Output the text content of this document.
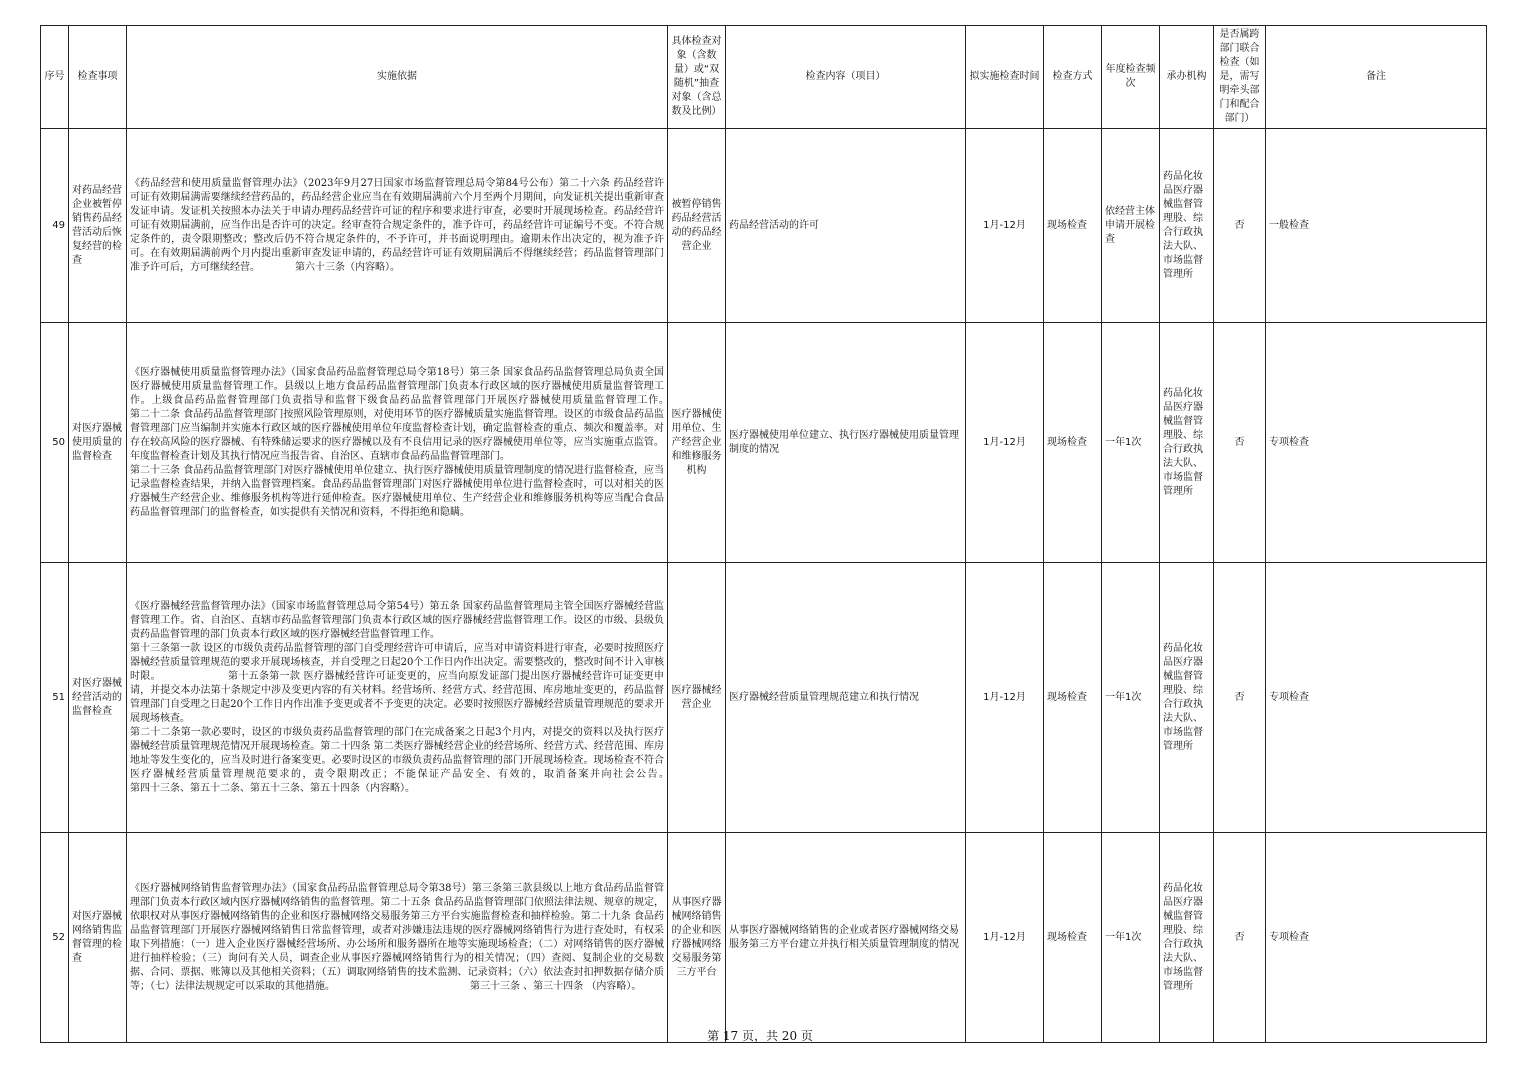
序号	检查事项	实施依据	具体检查对象（含数量）或“双随机”抽查对象（含总数及比例）	检查内容（项目）	拟实施检查时间	检查方式	年度检查频次	承办机构	是否属跨部门联合检查（如是，需写明牵头部门和配合部门）	备注
49	对药品经营企业被暂停销售药品经营活动后恢复经营的检查	《药品经营和使用质量监督管理办法》（2023年9月27日国家市场监督管理总局令第84号公布）第二十六条 药品经营许可证有效期届满需要继续经营药品的，药品经营企业应当在有效期届满前六个月至两个月期间，向发证机关提出重新审查发证申请。发证机关按照本办法关于申请办理药品经营许可证的程序和要求进行审查，必要时开展现场检查。药品经营许可证有效期届满前，应当作出是否许可的决定。经审查符合规定条件的，准予许可，药品经营许可证编号不变。不符合规定条件的，责令限期整改；整改后仍不符合规定条件的，不予许可，并书面说明理由。逾期未作出决定的，视为准予许可。在有效期届满前两个月内提出重新审查发证申请的，药品经营许可证有效期届满后不得继续经营；药品监督管理部门准予许可后，方可继续经营。　　　　第六十三条（内容略）。	被暂停销售药品经营活动的药品经营企业	药品经营活动的许可	1月-12月	现场检查	依经营主体申请开展检查	药品化妆品医疗器械监督管理股、综合行政执法大队、市场监督管理所	否	一般检查
50	对医疗器械使用质量的监督检查	《医疗器械使用质量监督管理办法》（国家食品药品监督管理总局令第18号）第三条 国家食品药品监督管理总局负责全国医疗器械使用质量监督管理工作。县级以上地方食品药品监督管理部门负责本行政区域的医疗器械使用质量监督管理工作。上级食品药品监督管理部门负责指导和监督下级食品药品监督管理部门开展医疗器械使用质量监督管理工作。　　　　　　　　　第二十二条 食品药品监督管理部门按照风险管理原则，对使用环节的医疗器械质量实施监督管理。设区的市级食品药品监督管理部门应当编制并实施本行政区域的医疗器械使用单位年度监督检查计划，确定监督检查的重点、频次和覆盖率。对存在较高风险的医疗器械、有特殊储运要求的医疗器械以及有不良信用记录的医疗器械使用单位等，应当实施重点监管。年度监督检查计划及其执行情况应当报告省、自治区、直辖市食品药品监督管理部门。
第二十三条 食品药品监督管理部门对医疗器械使用单位建立、执行医疗器械使用质量管理制度的情况进行监督检查，应当记录监督检查结果，并纳入监督管理档案。食品药品监督管理部门对医疗器械使用单位进行监督检查时，可以对相关的医疗器械生产经营企业、维修服务机构等进行延伸检查。医疗器械使用单位、生产经营企业和维修服务机构等应当配合食品药品监督管理部门的监督检查，如实提供有关情况和资料，不得拒绝和隐瞒。	医疗器械使用单位、生产经营企业和维修服务机构	医疗器械使用单位建立、执行医疗器械使用质量管理制度的情况	1月-12月	现场检查	一年1次	药品化妆品医疗器械监督管理股、综合行政执法大队、市场监督管理所	否	专项检查
51	对医疗器械经营活动的监督检查	《医疗器械经营监督管理办法》（国家市场监督管理总局令第54号）第五条 国家药品监督管理局主管全国医疗器械经营监督管理工作。省、自治区、直辖市药品监督管理部门负责本行政区域的医疗器械经营监督管理工作。设区的市级、县级负责药品监督管理的部门负责本行政区域的医疗器械经营监督管理工作。
第十三条第一款 设区的市级负责药品监督管理的部门自受理经营许可申请后，应当对申请资料进行审查，必要时按照医疗器械经营质量管理规范的要求开展现场核查，并自受理之日起20个工作日内作出决定。需要整改的，整改时间不计入审核时限。　　　　　　　第十五条第一款 医疗器械经营许可证变更的，应当向原发证部门提出医疗器械经营许可证变更申请，并提交本办法第十条规定中涉及变更内容的有关材料。经营场所、经营方式、经营范围、库房地址变更的，药品监督管理部门自受理之日起20个工作日内作出准予变更或者不予变更的决定。必要时按照医疗器械经营质量管理规范的要求开展现场核查。
第二十二条第一款必要时，设区的市级负责药品监督管理的部门在完成备案之日起3个月内，对提交的资料以及执行医疗器械经营质量管理规范情况开展现场检查。第二十四条 第二类医疗器械经营企业的经营场所、经营方式、经营范围、库房地址等发生变化的，应当及时进行备案变更。必要时设区的市级负责药品监督管理的部门开展现场检查。现场检查不符合医疗器械经营质量管理规范要求的，责令限期改正；不能保证产品安全、有效的，取消备案并向社会公告。　　　　　　　　　第四十三条、第五十二条、第五十三条、第五十四条（内容略）。	医疗器械经营企业	医疗器械经营质量管理规范建立和执行情况	1月-12月	现场检查	一年1次	药品化妆品医疗器械监督管理股、综合行政执法大队、市场监督管理所	否	专项检查
52	对医疗器械网络销售监督管理的检查	《医疗器械网络销售监督管理办法》（国家食品药品监督管理总局令第38号）第三条第三款县级以上地方食品药品监督管理部门负责本行政区域内医疗器械网络销售的监督管理。第二十五条 食品药品监督管理部门依照法律法规、规章的规定，依职权对从事医疗器械网络销售的企业和医疗器械网络交易服务第三方平台实施监督检查和抽样检验。第二十九条 食品药品监督管理部门开展医疗器械网络销售日常监督管理，或者对涉嫌违法违规的医疗器械网络销售行为进行查处时，有权采取下列措施：（一）进入企业医疗器械经营场所、办公场所和服务器所在地等实施现场检查；（二）对网络销售的医疗器械进行抽样检验；（三）询问有关人员，调查企业从事医疗器械网络销售行为的相关情况；（四）查阅、复制企业的交易数据、合同、票据、账簿以及其他相关资料；（五）调取网络销售的技术监测、记录资料；（六）依法查封扣押数据存储介质等；（七）法律法规规定可以采取的其他措施。　　　　　　　　　　　　　　第三十三条 、第三十四条 （内容略）。	从事医疗器械网络销售的企业和医疗器械网络交易服务第三方平台	从事医疗器械网络销售的企业或者医疗器械网络交易服务第三方平台建立并执行相关质量管理制度的情况	1月-12月	现场检查	一年1次	药品化妆品医疗器械监督管理股、综合行政执法大队、市场监督管理所	否	专项检查
第 17 页，共 20 页
